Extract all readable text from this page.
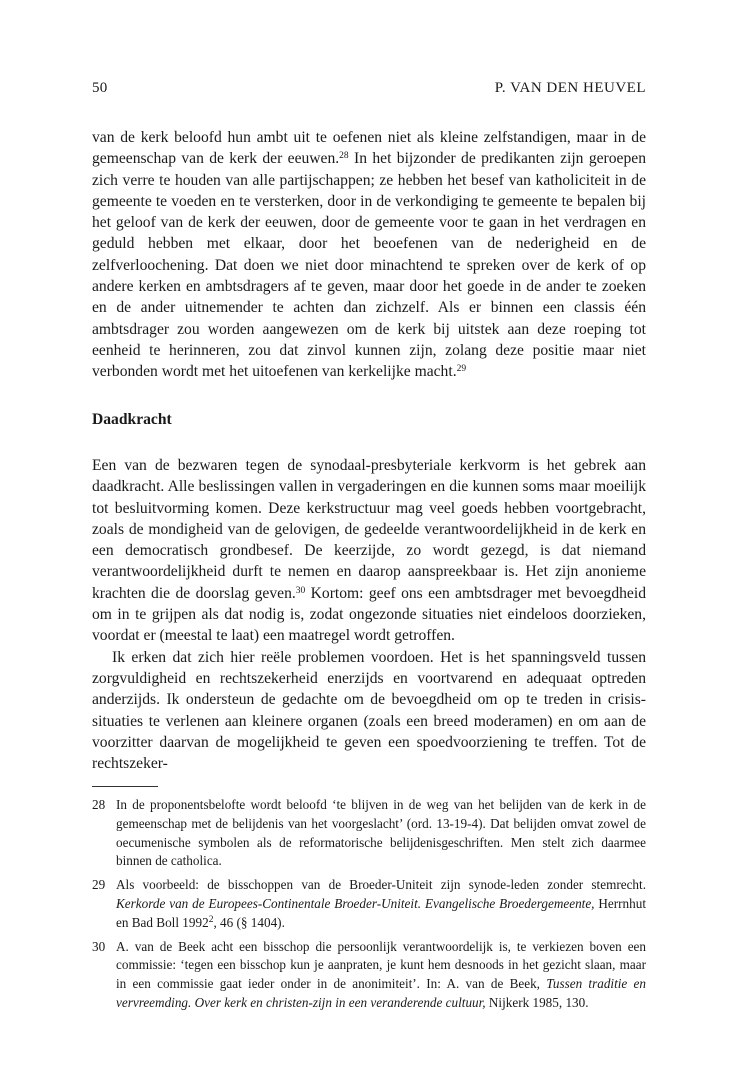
50	P. VAN DEN HEUVEL

van de kerk beloofd hun ambt uit te oefenen niet als kleine zelfstandigen, maar in de gemeenschap van de kerk der eeuwen.$^{28}$ In het bijzonder de predikanten zijn geroepen zich verre te houden van alle partijschappen; ze hebben het besef van katholiciteit in de gemeente te voeden en te versterken, door in de verkondiging te gemeente te bepalen bij het geloof van de kerk der eeuwen, door de gemeente voor te gaan in het verdragen en geduld hebben met elkaar, door het beoefenen van de nederigheid en de zelfverloochening. Dat doen we niet door minachtend te spreken over de kerk of op andere kerken en ambtsdragers af te geven, maar door het goede in de ander te zoeken en de ander uitnemender te achten dan zichzelf. Als er binnen een classis één ambtsdrager zou worden aangewezen om de kerk bij uitstek aan deze roeping tot eenheid te herinneren, zou dat zinvol kunnen zijn, zolang deze positie maar niet verbonden wordt met het uitoefenen van kerkelijke macht.$^{29}$

Daadkracht

Een van de bezwaren tegen de synodaal-presbyteriale kerkvorm is het gebrek aan daadkracht. Alle beslissingen vallen in vergaderingen en die kunnen soms maar moeilijk tot besluitvorming komen. Deze kerkstructuur mag veel goeds hebben voortgebracht, zoals de mondigheid van de gelovigen, de gedeelde verantwoordelijkheid in de kerk en een democratisch grondbesef. De keerzijde, zo wordt gezegd, is dat niemand verantwoordelijkheid durft te nemen en daarop aanspreekbaar is. Het zijn anonieme krachten die de doorslag geven.$^{30}$ Kortom: geef ons een ambtsdrager met bevoegdheid om in te grijpen als dat nodig is, zodat ongezonde situaties niet eindeloos doorzieken, voordat er (meestal te laat) een maatregel wordt getroffen.

Ik erken dat zich hier reële problemen voordoen. Het is het spanningsveld tussen zorgvuldigheid en rechtszekerheid enerzijds en voortvarend en adequaat optreden anderzijds. Ik ondersteun de gedachte om de bevoegdheid om op te treden in crisis-situaties te verlenen aan kleinere organen (zoals een breed moderamen) en om aan de voorzitter daarvan de mogelijkheid te geven een spoedvoorziening te treffen. Tot de rechtszeker-

28 In de proponentsbelofte wordt beloofd ‘te blijven in de weg van het belijden van de kerk in de gemeenschap met de belijdenis van het voorgeslacht’ (ord. 13-19-4). Dat belijden omvat zowel de oecumenische symbolen als de reformatorische belijdenisgeschriften. Men stelt zich daarmee binnen de catholica.
29 Als voorbeeld: de bisschoppen van de Broeder-Uniteit zijn synode-leden zonder stemrecht. Kerkorde van de Europees-Continentale Broeder-Uniteit. Evangelische Broedergemeente, Herrnhut en Bad Boll 1992$^2$, 46 (§ 1404).
30 A. van de Beek acht een bisschop die persoonlijk verantwoordelijk is, te verkiezen boven een commissie: ‘tegen een bisschop kun je aanpraten, je kunt hem desnoods in het gezicht slaan, maar in een commissie gaat ieder onder in de anonimiteit’. In: A. van de Beek, Tussen traditie en vervreemding. Over kerk en christen-zijn in een veranderende cultuur, Nijkerk 1985, 130.
